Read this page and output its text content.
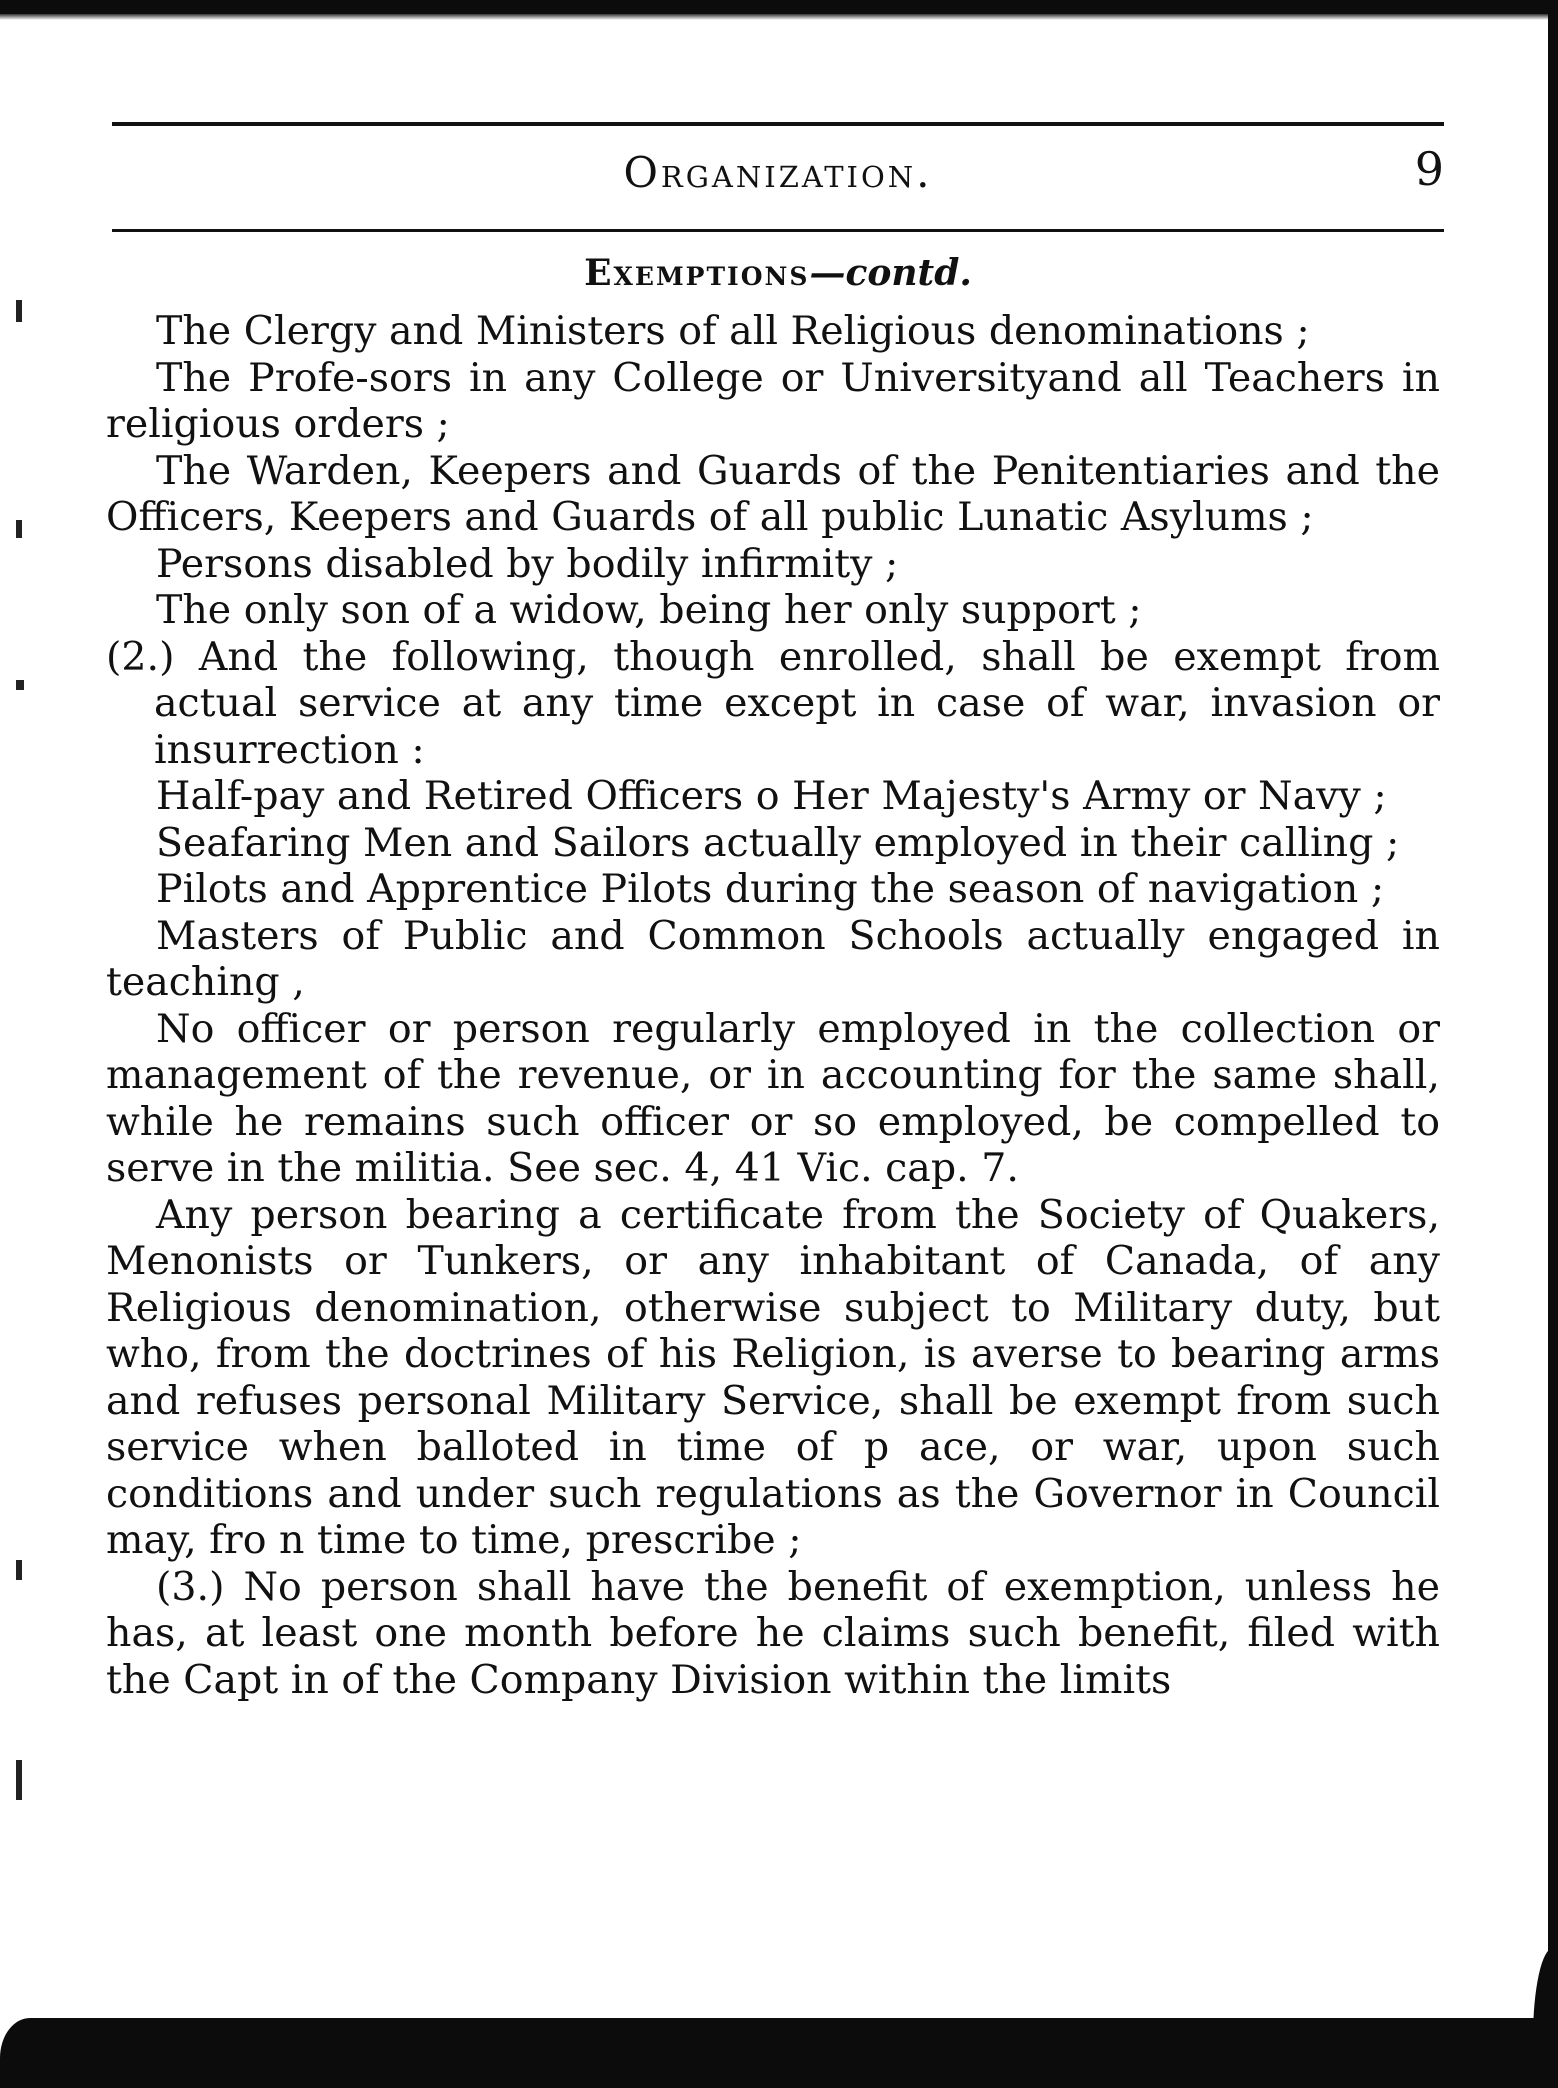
Organization.	9
Exemptions—contd.

The Clergy and Ministers of all Religious denominations ;

The Profe-sors in any College or Universityand all Teachers in religious orders ;

The Warden, Keepers and Guards of the Penitentiaries and the Officers, Keepers and Guards of all public Lunatic Asylums ;

Persons disabled by bodily infirmity ;

The only son of a widow, being her only support ;

(2.) And the following, though enrolled, shall be exempt from actual service at any time except in case of war, invasion or insurrection :

Half-pay and Retired Officers o Her Majesty's Army or Navy ;

Seafaring Men and Sailors actually employed in their calling ;

Pilots and Apprentice Pilots during the season of navigation ;

Masters of Public and Common Schools actually engaged in teaching ,

No officer or person regularly employed in the collection or management of the revenue, or in accounting for the same shall, while he remains such officer or so employed, be compelled to serve in the militia. See sec. 4, 41 Vic. cap. 7.

Any person bearing a certificate from the Society of Quakers, Menonists or Tunkers, or any inhabitant of Canada, of any Religious denomination, otherwise subject to Military duty, but who, from the doctrines of his Religion, is averse to bearing arms and refuses personal Military Service, shall be exempt from such service when balloted in time of p ace, or war, upon such conditions and under such regulations as the Governor in Council may, fro n time to time, prescribe ;

(3.) No person shall have the benefit of exemption, unless he has, at least one month before he claims such benefit, filed with the Capt in of the Company Division within the limits
